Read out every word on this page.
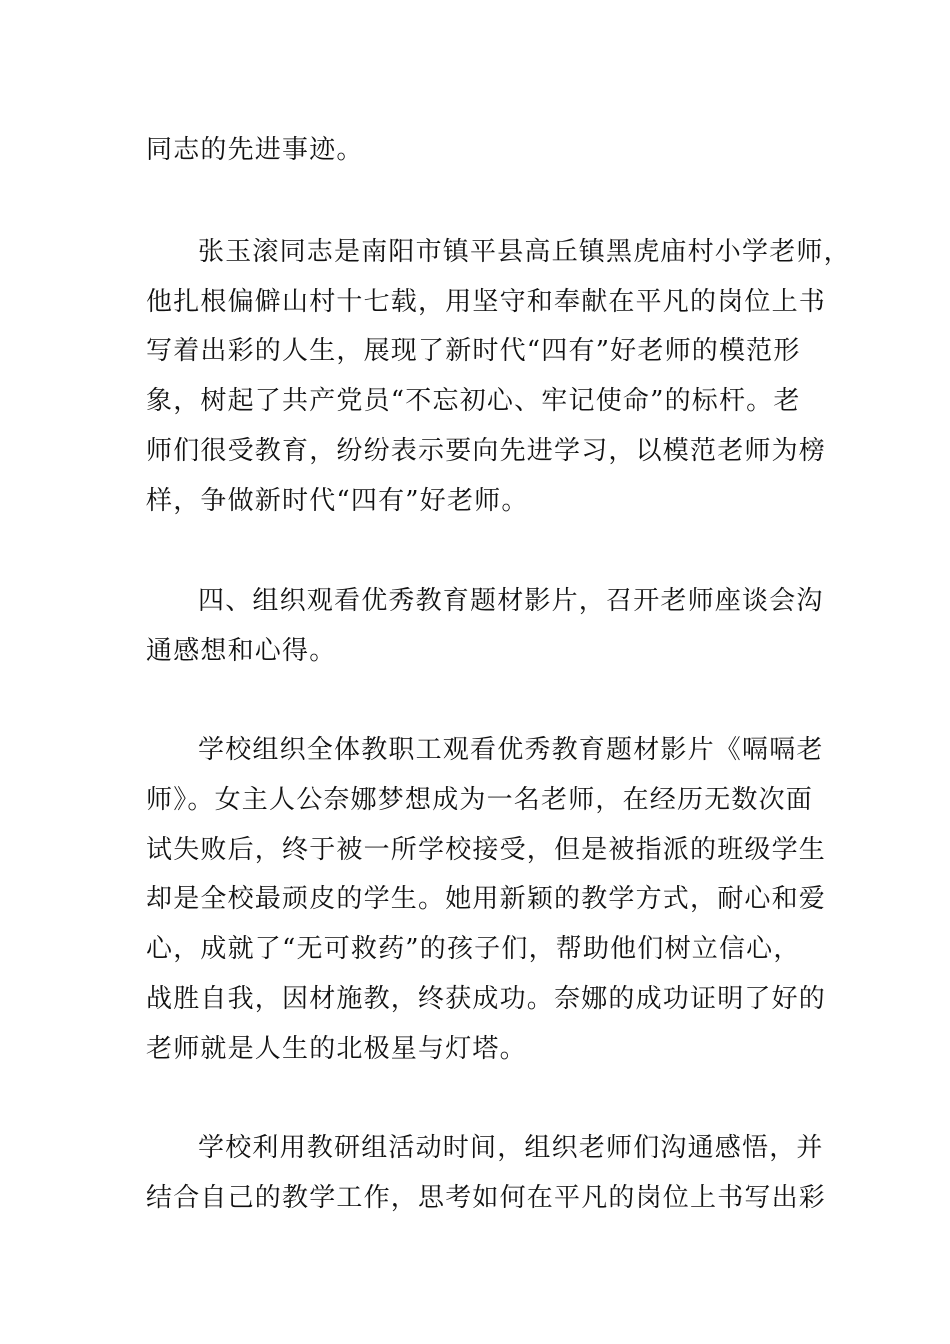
同志的先进事迹。

张玉滚同志是南阳市镇平县高丘镇黑虎庙村小学老师，

他扎根偏僻山村十七载，用坚守和奉献在平凡的岗位上书

写着出彩的人生，展现了新时代“四有”好老师的模范形

象，树起了共产党员“不忘初心、牢记使命”的标杆。老

师们很受教育，纷纷表示要向先进学习，以模范老师为榜

样，争做新时代“四有”好老师。

四、组织观看优秀教育题材影片，召开老师座谈会沟

通感想和心得。

学校组织全体教职工观看优秀教育题材影片《嗝嗝老

师》。女主人公奈娜梦想成为一名老师，在经历无数次面

试失败后，终于被一所学校接受，但是被指派的班级学生

却是全校最顽皮的学生。她用新颖的教学方式，耐心和爱

心，成就了“无可救药”的孩子们，帮助他们树立信心，

战胜自我，因材施教，终获成功。奈娜的成功证明了好的

老师就是人生的北极星与灯塔。

学校利用教研组活动时间，组织老师们沟通感悟，并

结合自己的教学工作，思考如何在平凡的岗位上书写出彩
